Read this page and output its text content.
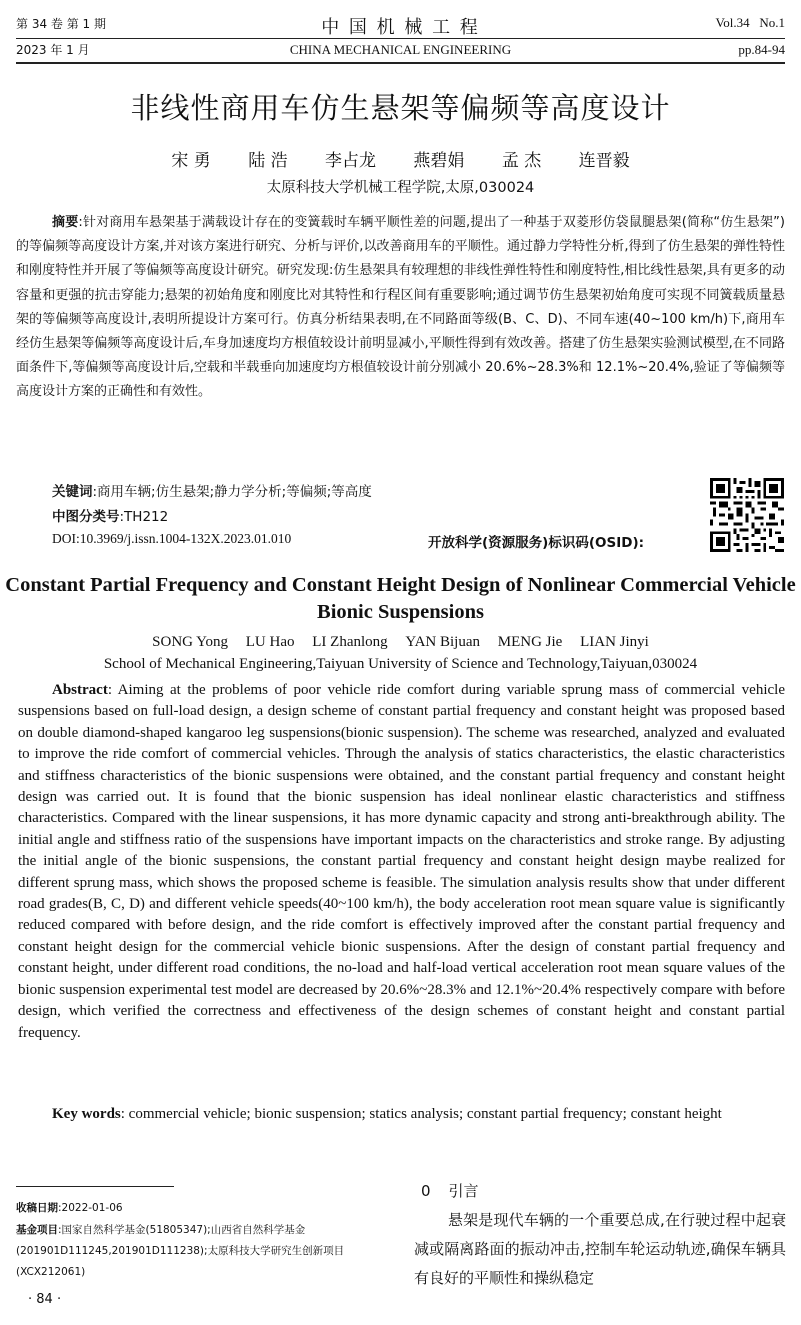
第 34 卷 第 1 期
2023 年 1 月
中 国 机 械 工 程
CHINA MECHANICAL ENGINEERING
Vol.34   No.1
pp.84-94
非线性商用车仿生悬架等偏频等高度设计
宋 勇 陆 浩 李占龙 燕碧娟 孟 杰 连晋毅
太原科技大学机械工程学院,太原,030024
摘要:针对商用车悬架基于满载设计存在的变簧载时车辆平顺性差的问题,提出了一种基于双菱形仿袋鼠腿悬架(简称“仿生悬架”)的等偏频等高度设计方案,并对该方案进行研究、分析与评价,以改善商用车的平顺性。通过静力学特性分析,得到了仿生悬架的弹性特性和刚度特性并开展了等偏频等高度设计研究。研究发现:仿生悬架具有较理想的非线性弹性特性和刚度特性,相比线性悬架,具有更多的动容量和更强的抗击穿能力;悬架的初始角度和刚度比对其特性和行程区间有重要影响;通过调节仿生悬架初始角度可实现不同簧载质量悬架的等偏频等高度设计,表明所提设计方案可行。仿真分析结果表明,在不同路面等级(B、C、D)、不同车速(40~100 km/h)下,商用车经仿生悬架等偏频等高度设计后,车身加速度均方根值较设计前明显减小,平顺性得到有效改善。搭建了仿生悬架实验测试模型,在不同路面条件下,等偏频等高度设计后,空载和半载垂向加速度均方根值较设计前分别减小 20.6%~28.3%和 12.1%~20.4%,验证了等偏频等高度设计方案的正确性和有效性。
关键词:商用车辆;仿生悬架;静力学分析;等偏频;等高度
中图分类号:TH212
DOI:10.3969/j.issn.1004-132X.2023.01.010	开放科学(资源服务)标识码(OSID):
Constant Partial Frequency and Constant Height Design of Nonlinear Commercial Vehicle Bionic Suspensions
SONG Yong LU Hao LI Zhanlong YAN Bijuan MENG Jie LIAN Jinyi
School of Mechanical Engineering,Taiyuan University of Science and Technology,Taiyuan,030024
Abstract: Aiming at the problems of poor vehicle ride comfort during variable sprung mass of commercial vehicle suspensions based on full-load design, a design scheme of constant partial frequency and constant height was proposed based on double diamond-shaped kangaroo leg suspensions(bionic suspension). The scheme was researched, analyzed and evaluated to improve the ride comfort of commercial vehicles. Through the analysis of statics characteristics, the elastic characteristics and stiffness characteristics of the bionic suspensions were obtained, and the constant partial frequency and constant height design was carried out. It is found that the bionic suspension has ideal nonlinear elastic characteristics and stiffness characteristics. Compared with the linear suspensions, it has more dynamic capacity and strong anti-breakthrough ability. The initial angle and stiffness ratio of the suspensions have important impacts on the characteristics and stroke range. By adjusting the initial angle of the bionic suspensions, the constant partial frequency and constant height design maybe realized for different sprung mass, which shows the proposed scheme is feasible. The simulation analysis results show that under different road grades(B, C, D) and different vehicle speeds(40~100 km/h), the body acceleration root mean square value is significantly reduced compared with before design, and the ride comfort is effectively improved after the constant partial frequency and constant height design for the commercial vehicle bionic suspensions. After the design of constant partial frequency and constant height, under different road conditions, the no-load and half-load vertical acceleration root mean square values of the bionic suspension experimental test model are decreased by 20.6%~28.3% and 12.1%~20.4% respectively compare with before design, which verified the correctness and effectiveness of the design schemes of constant height and constant partial frequency.
Key words: commercial vehicle; bionic suspension; statics analysis; constant partial frequency; constant height
收稿日期:2022-01-06
基金项目:国家自然科学基金(51805347);山西省自然科学基金(201901D111245,201901D111238);太原科技大学研究生创新项目(XCX212061)
0 引言
悬架是现代车辆的一个重要总成,在行驶过程中起衰减或隔离路面的振动冲击,控制车轮运动轨迹,确保车辆具有良好的平顺性和操纵稳定
· 84 ·
